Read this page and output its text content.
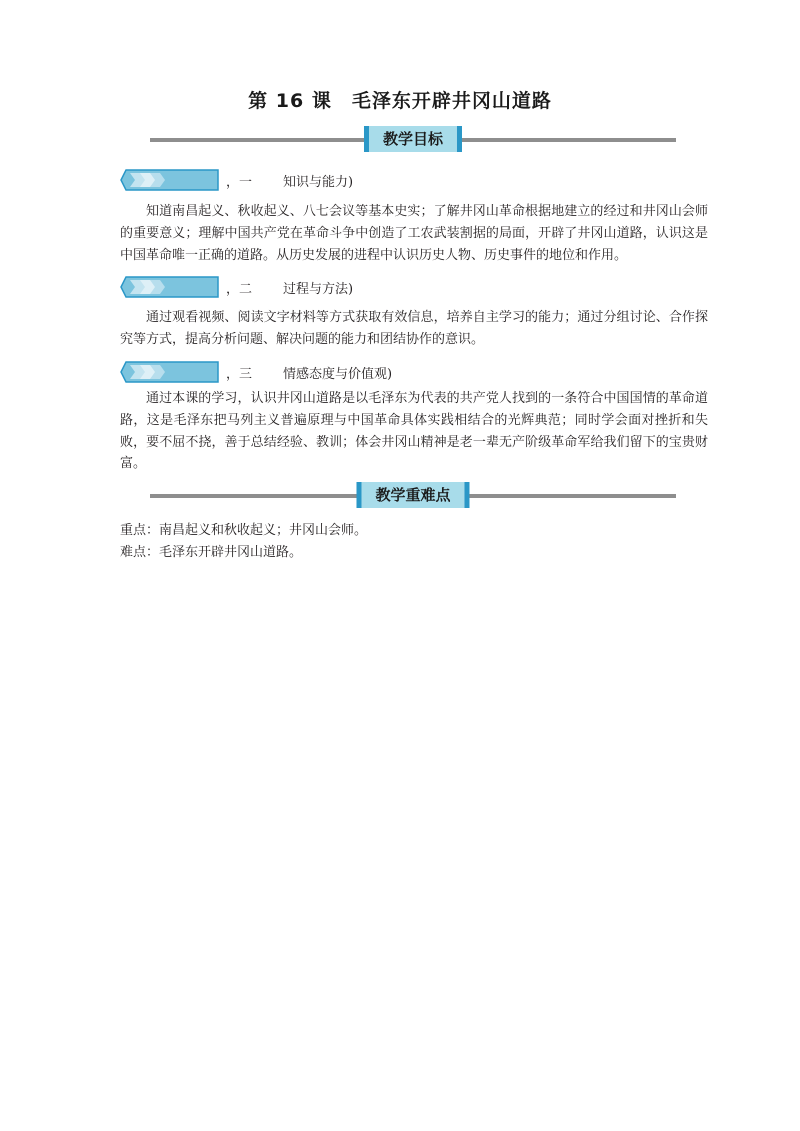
第 16 课　毛泽东开辟井冈山道路
教学目标
，一 知识与能力)

知道南昌起义、秋收起义、八七会议等基本史实；了解井冈山革命根据地建立的经过和井冈山会师的重要意义；理解中国共产党在革命斗争中创造了工农武装割据的局面，开辟了井冈山道路，认识这是中国革命唯一正确的道路。从历史发展的进程中认识历史人物、历史事件的地位和作用。

，二 过程与方法)

通过观看视频、阅读文字材料等方式获取有效信息，培养自主学习的能力；通过分组讨论、合作探究等方式，提高分析问题、解决问题的能力和团结协作的意识。

，三 情感态度与价值观)

通过本课的学习，认识井冈山道路是以毛泽东为代表的共产党人找到的一条符合中国国情的革命道路，这是毛泽东把马列主义普遍原理与中国革命具体实践相结合的光辉典范；同时学会面对挫折和失败，要不屈不挠，善于总结经验、教训；体会井冈山精神是老一辈无产阶级革命军给我们留下的宝贵财富。

教学重难点

重点：南昌起义和秋收起义；井冈山会师。

难点：毛泽东开辟井冈山道路。
